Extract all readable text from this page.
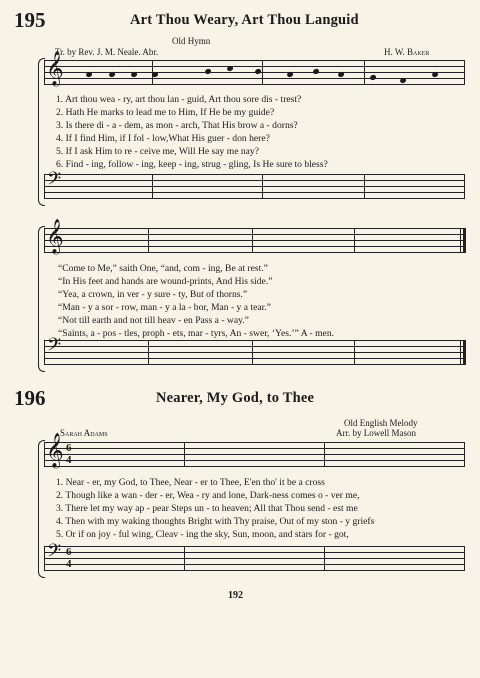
195	Art Thou Weary, Art Thou Languid
Old Hymn
Tr. by Rev. J. M. Neale. Abr.	H. W. Baker
𝄞
1. Art thou wea - ry, art thou lan - guid, Art thou sore dis - trest?
2. Hath He marks to lead me to Him, If He be my guide?
3. Is there di - a - dem, as mon - arch, That His brow a - dorns?
4. If I find Him, if I fol - low,What His guer - don here?
5. If I ask Him to re - ceive me, Will He say me nay?
6. Find - ing, follow - ing, keep - ing, strug - gling, Is He sure to bless?
𝄢
𝄞
“Come to Me,” saith One, “and, com - ing, Be at rest.”
“In His feet and hands are wound-prints, And His side.”
“Yea, a crown, in ver - y sure - ty, But of thorns.”
“Man - y a sor - row, man - y a la - bor, Man - y a tear.”
“Not till earth and not till heav - en Pass a - way.”
“Saints, a - pos - tles, proph - ets, mar - tyrs, An - swer, ‘Yes.’” A - men.
𝄢
196	Nearer, My God, to Thee
Old English Melody
Sarah Adams	Arr. by Lowell Mason
𝄞 6
4
1. Near - er, my God, to Thee, Near - er to Thee, E'en tho' it be a cross
2. Though like a wan - der - er, Wea - ry and lone, Dark-ness comes o - ver me,
3. There let my way ap - pear Steps un - to heaven; All that Thou send - est me
4. Then with my waking thoughts Bright with Thy praise, Out of my ston - y griefs
5. Or if on joy - ful wing, Cleav - ing the sky, Sun, moon, and stars for - got,
𝄢 6
4
192
